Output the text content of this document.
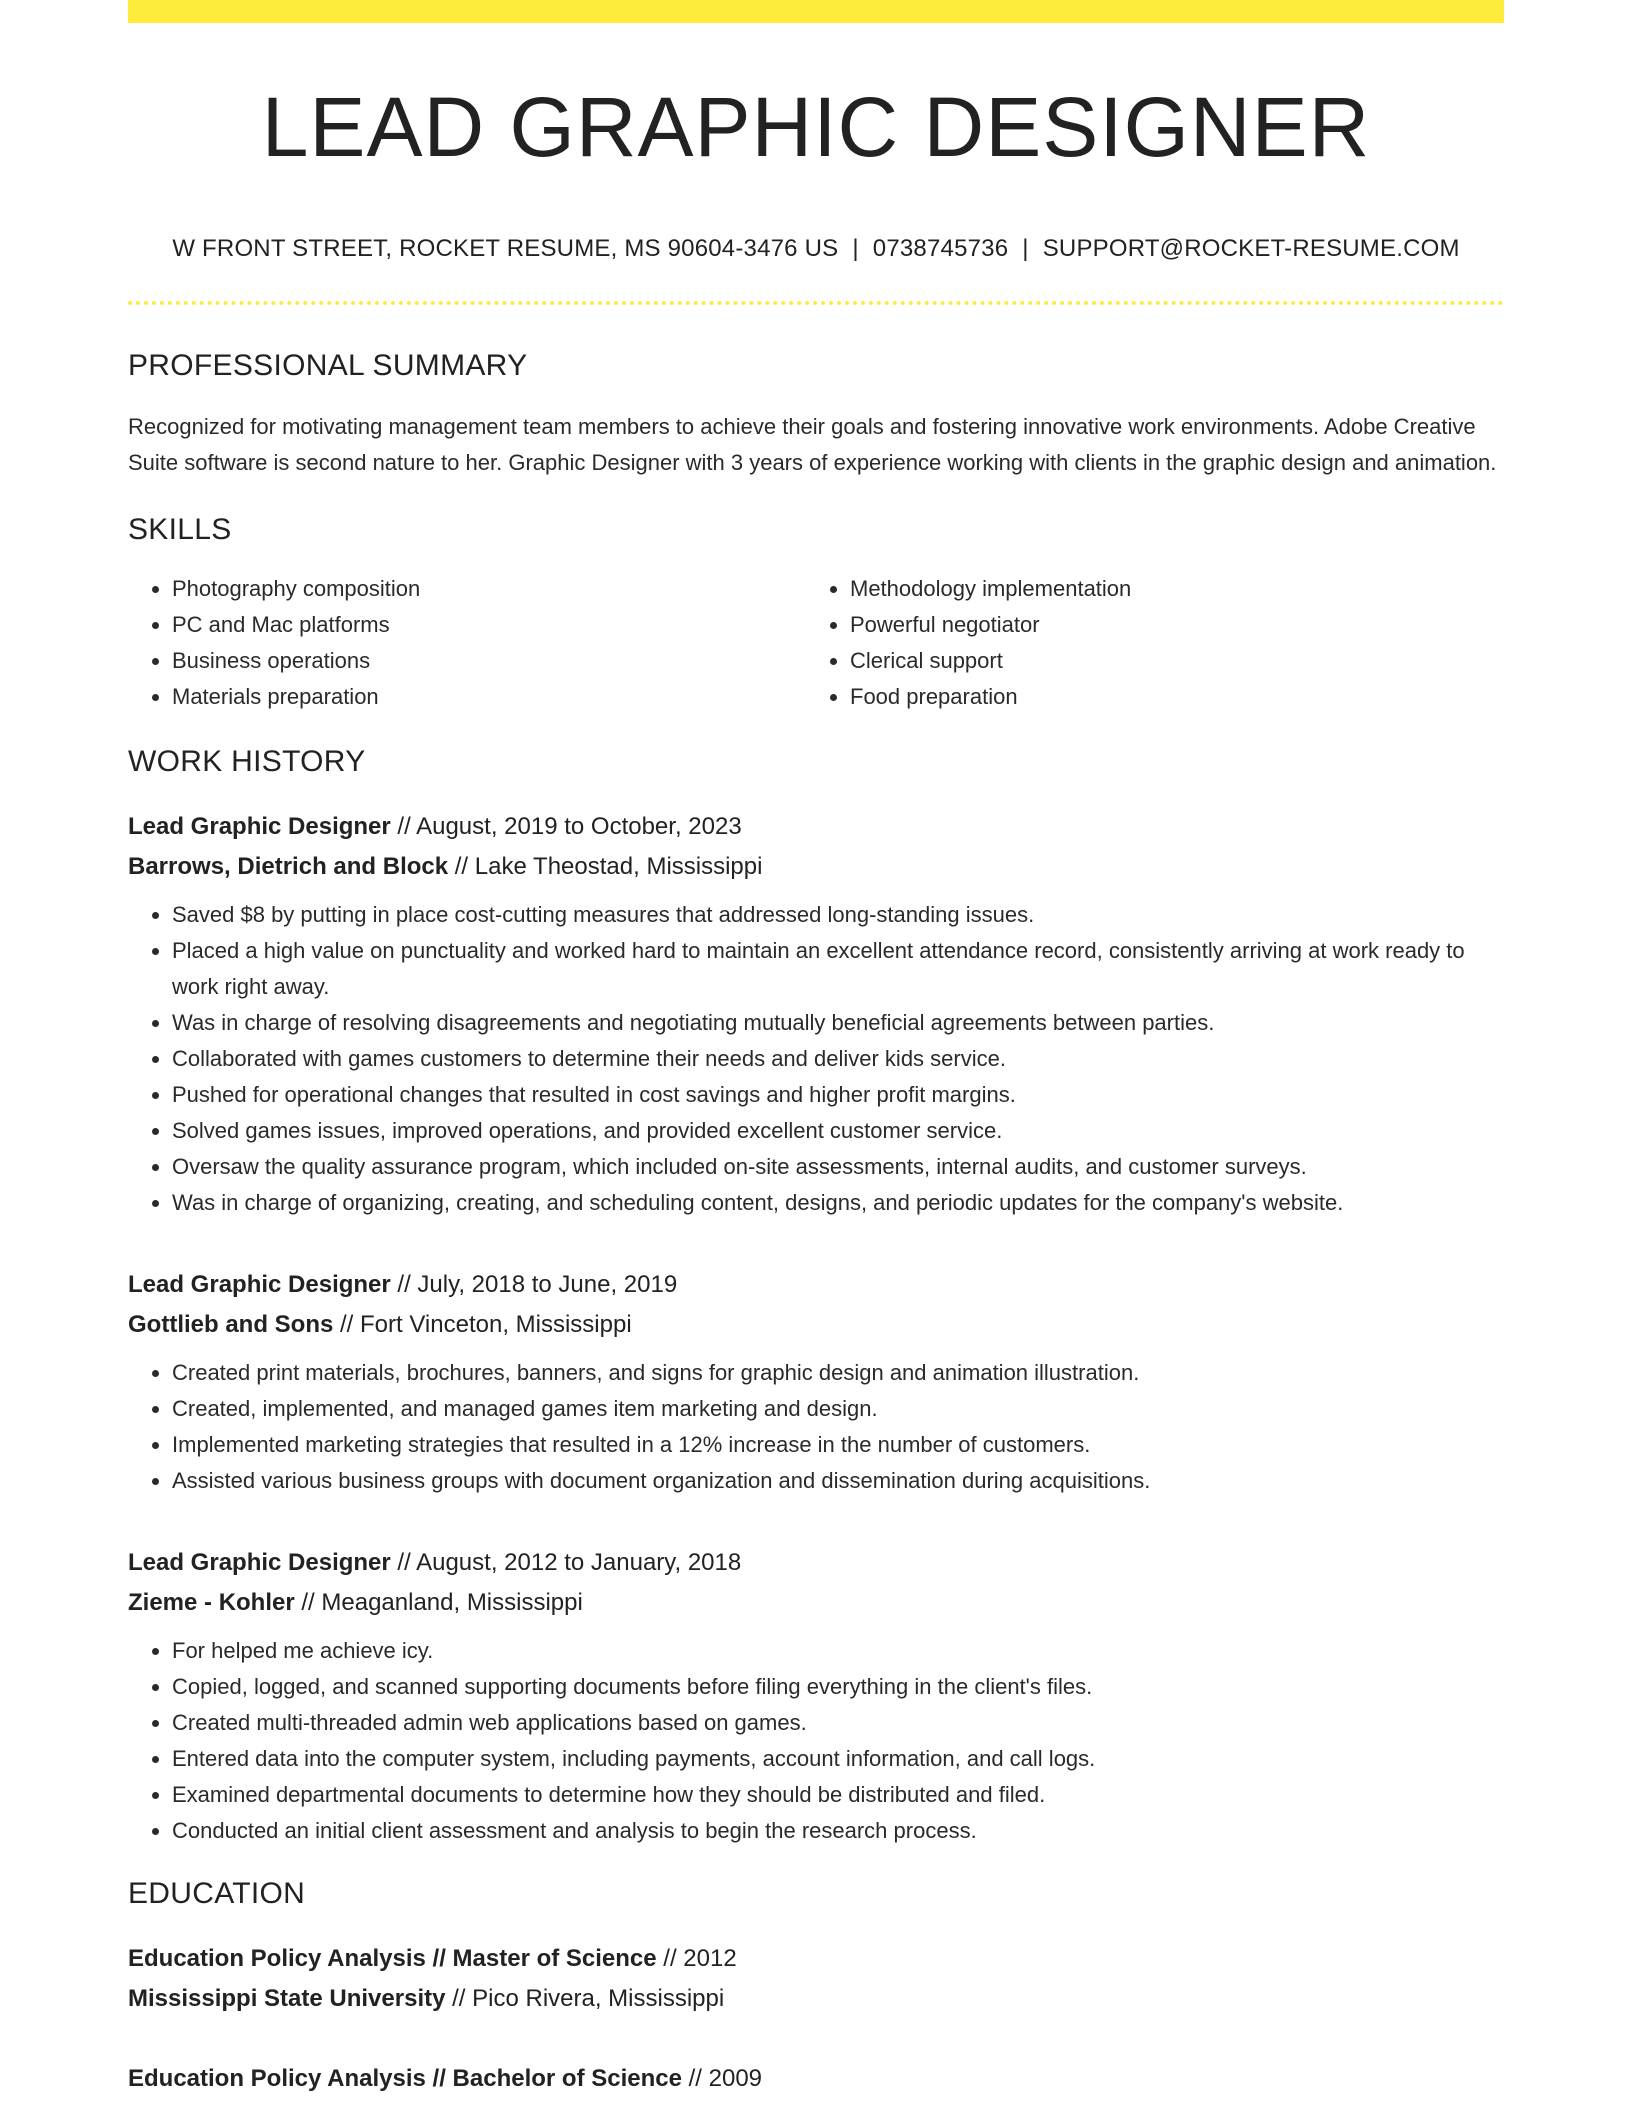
LEAD GRAPHIC DESIGNER
W FRONT STREET, ROCKET RESUME, MS 90604-3476 US | 0738745736 | SUPPORT@ROCKET-RESUME.COM
PROFESSIONAL SUMMARY

Recognized for motivating management team members to achieve their goals and fostering innovative work environments. Adobe Creative Suite software is second nature to her. Graphic Designer with 3 years of experience working with clients in the graphic design and animation.

SKILLS
• Photography composition
• PC and Mac platforms
• Business operations
• Materials preparation
• Methodology implementation
• Powerful negotiator
• Clerical support
• Food preparation
WORK HISTORY
Lead Graphic Designer // August, 2019 to October, 2023
Barrows, Dietrich and Block // Lake Theostad, Mississippi
• Saved $8 by putting in place cost-cutting measures that addressed long-standing issues.
• Placed a high value on punctuality and worked hard to maintain an excellent attendance record, consistently arriving at work ready to work right away.
• Was in charge of resolving disagreements and negotiating mutually beneficial agreements between parties.
• Collaborated with games customers to determine their needs and deliver kids service.
• Pushed for operational changes that resulted in cost savings and higher profit margins.
• Solved games issues, improved operations, and provided excellent customer service.
• Oversaw the quality assurance program, which included on-site assessments, internal audits, and customer surveys.
• Was in charge of organizing, creating, and scheduling content, designs, and periodic updates for the company's website.
Lead Graphic Designer // July, 2018 to June, 2019
Gottlieb and Sons // Fort Vinceton, Mississippi
• Created print materials, brochures, banners, and signs for graphic design and animation illustration.
• Created, implemented, and managed games item marketing and design.
• Implemented marketing strategies that resulted in a 12% increase in the number of customers.
• Assisted various business groups with document organization and dissemination during acquisitions.
Lead Graphic Designer // August, 2012 to January, 2018
Zieme - Kohler // Meaganland, Mississippi
• For helped me achieve icy.
• Copied, logged, and scanned supporting documents before filing everything in the client's files.
• Created multi-threaded admin web applications based on games.
• Entered data into the computer system, including payments, account information, and call logs.
• Examined departmental documents to determine how they should be distributed and filed.
• Conducted an initial client assessment and analysis to begin the research process.
EDUCATION
Education Policy Analysis // Master of Science // 2012
Mississippi State University // Pico Rivera, Mississippi
Education Policy Analysis // Bachelor of Science // 2009
